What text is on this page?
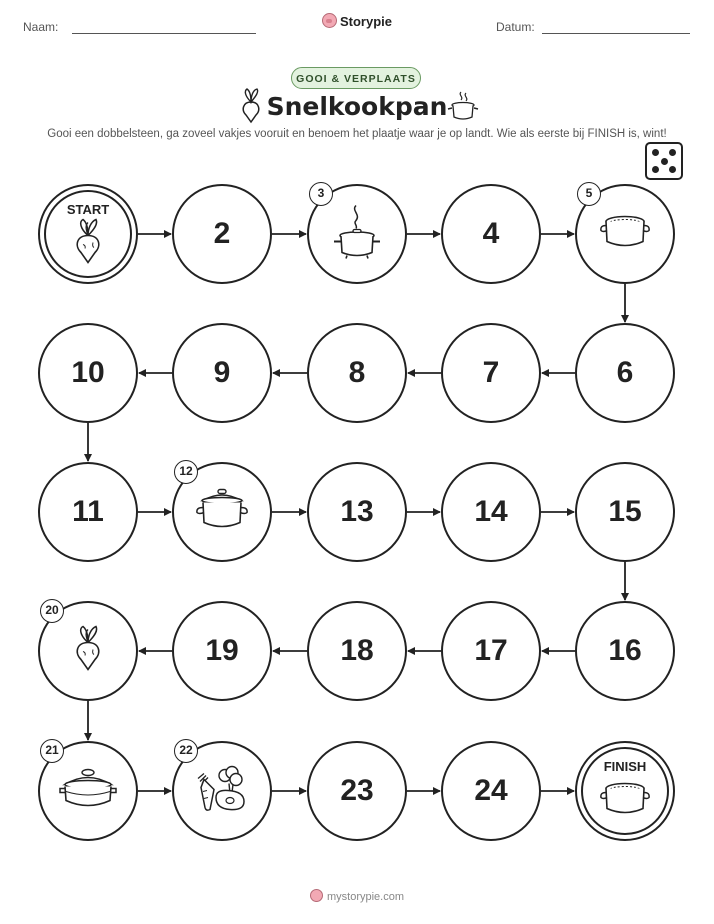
Naam:	Storypie	Datum:
GOOI & VERPLAATS
Snelkookpan
Gooi een dobbelsteen, ga zoveel vakjes vooruit en benoem het plaatje waar je op landt. Wie als eerste bij FINISH is, wint!
START
2
3
4
5
6
7
8
9
10
11
12
13	14	15
16
17
18
19
20
21	22
23	24
FINISH
mystorypie.com
